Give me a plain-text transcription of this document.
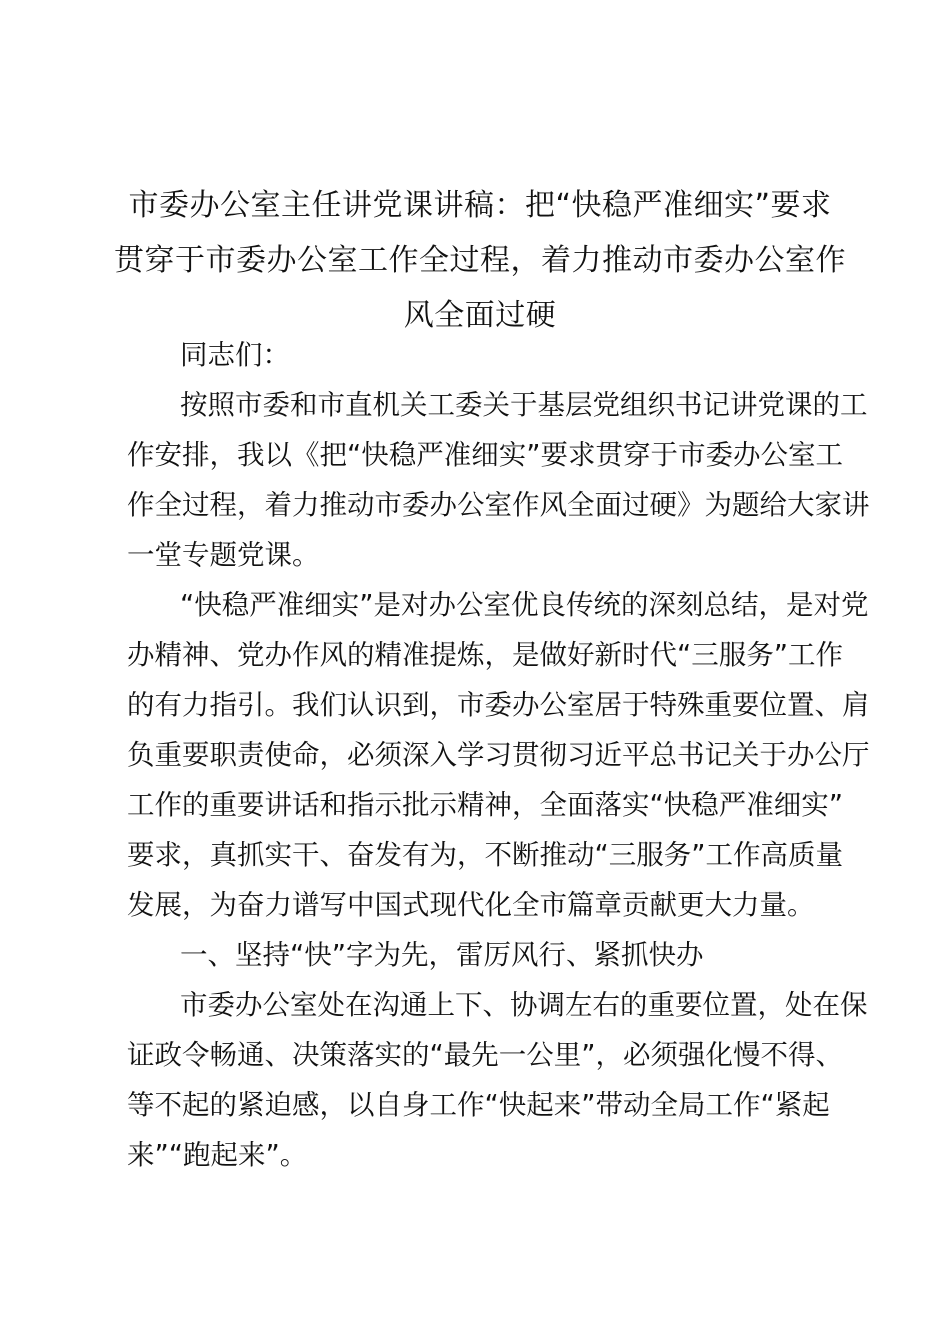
市委办公室主任讲党课讲稿：把“快稳严准细实”要求
贯穿于市委办公室工作全过程，着力推动市委办公室作
风全面过硬

同志们：

按照市委和市直机关工委关于基层党组织书记讲党课的工
作安排，我以《把“快稳严准细实”要求贯穿于市委办公室工
作全过程，着力推动市委办公室作风全面过硬》为题给大家讲
一堂专题党课。

“快稳严准细实”是对办公室优良传统的深刻总结，是对党
办精神、党办作风的精准提炼，是做好新时代“三服务”工作
的有力指引。我们认识到，市委办公室居于特殊重要位置、肩
负重要职责使命，必须深入学习贯彻习近平总书记关于办公厅
工作的重要讲话和指示批示精神，全面落实“快稳严准细实”
要求，真抓实干、奋发有为，不断推动“三服务”工作高质量
发展，为奋力谱写中国式现代化全市篇章贡献更大力量。

一、坚持“快”字为先，雷厉风行、紧抓快办

市委办公室处在沟通上下、协调左右的重要位置，处在保
证政令畅通、决策落实的“最先一公里”，必须强化慢不得、
等不起的紧迫感，以自身工作“快起来”带动全局工作“紧起
来”“跑起来”。
